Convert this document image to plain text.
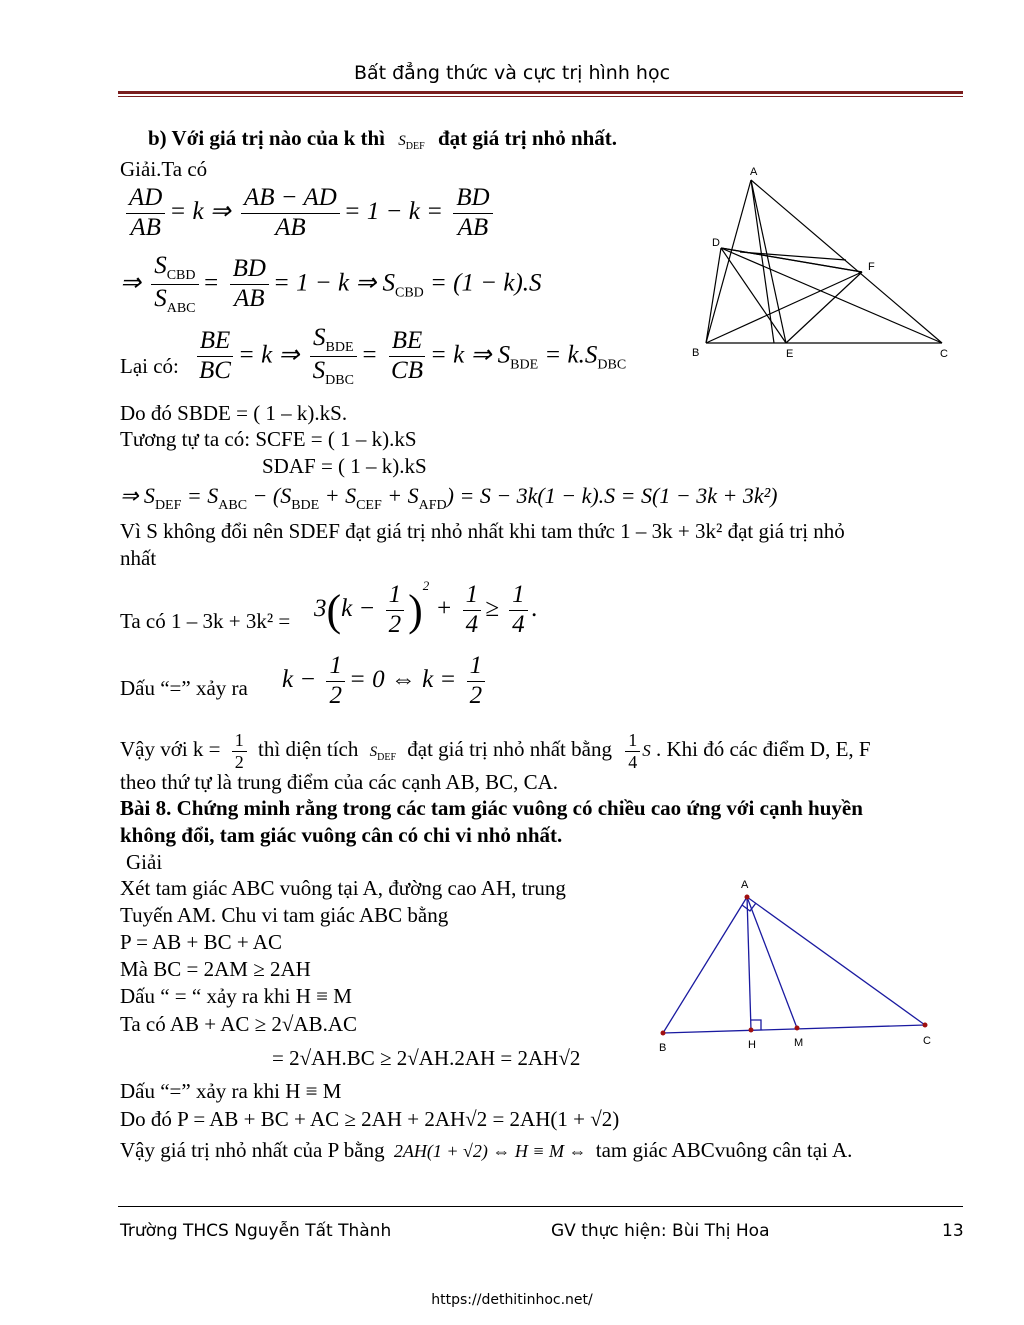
Bất đẳng thức và cực trị hình học
b) Với giá trị nào của k thì SDEF đạt giá trị nhỏ nhất.
Giải.Ta có
$\frac{AD}{AB} = k$ ⇒ $\frac{AB - AD}{AB} = 1 - k = \frac{BD}{AB}$
⇒ $\frac{S_{CBD}}{S_{ABC}} = \frac{BD}{AB} = 1 - k$ ⇒ $S_{CBD} = (1 - k).S$
Lại có: $\frac{BE}{BC} = k$ ⇒ $\frac{S_{BDE}}{S_{DBC}} = \frac{BE}{CB} = k$ ⇒ $S_{BDE} = k.S_{DBC}$
Do đó SBDE = ( 1 – k).kS.
Tương tự ta có: SCFE = ( 1 – k).kS
SDAF = ( 1 – k).kS
⇒ $S_{DEF} = S_{ABC} - (S_{BDE} + S_{CEF} + S_{AFD}) = S - 3k(1 - k).S = S(1 - 3k + 3k^2)$
Vì S không đổi nên SDEF đạt giá trị nhỏ nhất khi tam thức 1 – 3k + 3k² đạt giá trị nhỏ
nhất
Ta có $1 - 3k + 3k^2 = 3(k - \frac{1}{2} )^2 + \frac{1}{4} \ge \frac{1}{4}$ .
Dấu “=” xảy ra $k - \frac{1}{2} = 0$ ⇔ $k = \frac{1}{2}$
Vậy với $k = \frac{1}{2}$ thì diện tích SDEF đạt giá trị nhỏ nhất bằng $\frac{1}{4}$ S . Khi đó các điểm D, E, F
theo thứ tự là trung điểm của các cạnh AB, BC, CA.
A
D
F
B	E	C
Bài 8. Chứng minh rằng trong các tam giác vuông có chiều cao ứng với cạnh huyền
không đổi, tam giác vuông cân có chi vi nhỏ nhất.
Giải
Xét tam giác ABC vuông tại A, đường cao AH, trung
Tuyến AM. Chu vi tam giác ABC bằng
P = AB + BC + AC
Mà BC = 2AM ≥ 2AH
Dấu “ = “ xảy ra khi H ≡ M
Ta có AB + AC ≥ 2√AB.AC
= 2√AH.BC ≥ 2√AH.2AH = 2AH√2
Dấu “=” xảy ra khi H ≡ M
Do đó P = AB + BC + AC ≥ 2AH + 2AH√2 = 2AH(1 + √2)
Vậy giá trị nhỏ nhất của P bằng 2AH(1 + √2) ⇔ H ≡ M ⇔ tam giác ABCvuông cân tại A.
A
B	H	M	C
Trường THCS Nguyễn Tất Thành	GV thực hiện: Bùi Thị Hoa	13
https://dethitinhoc.net/
